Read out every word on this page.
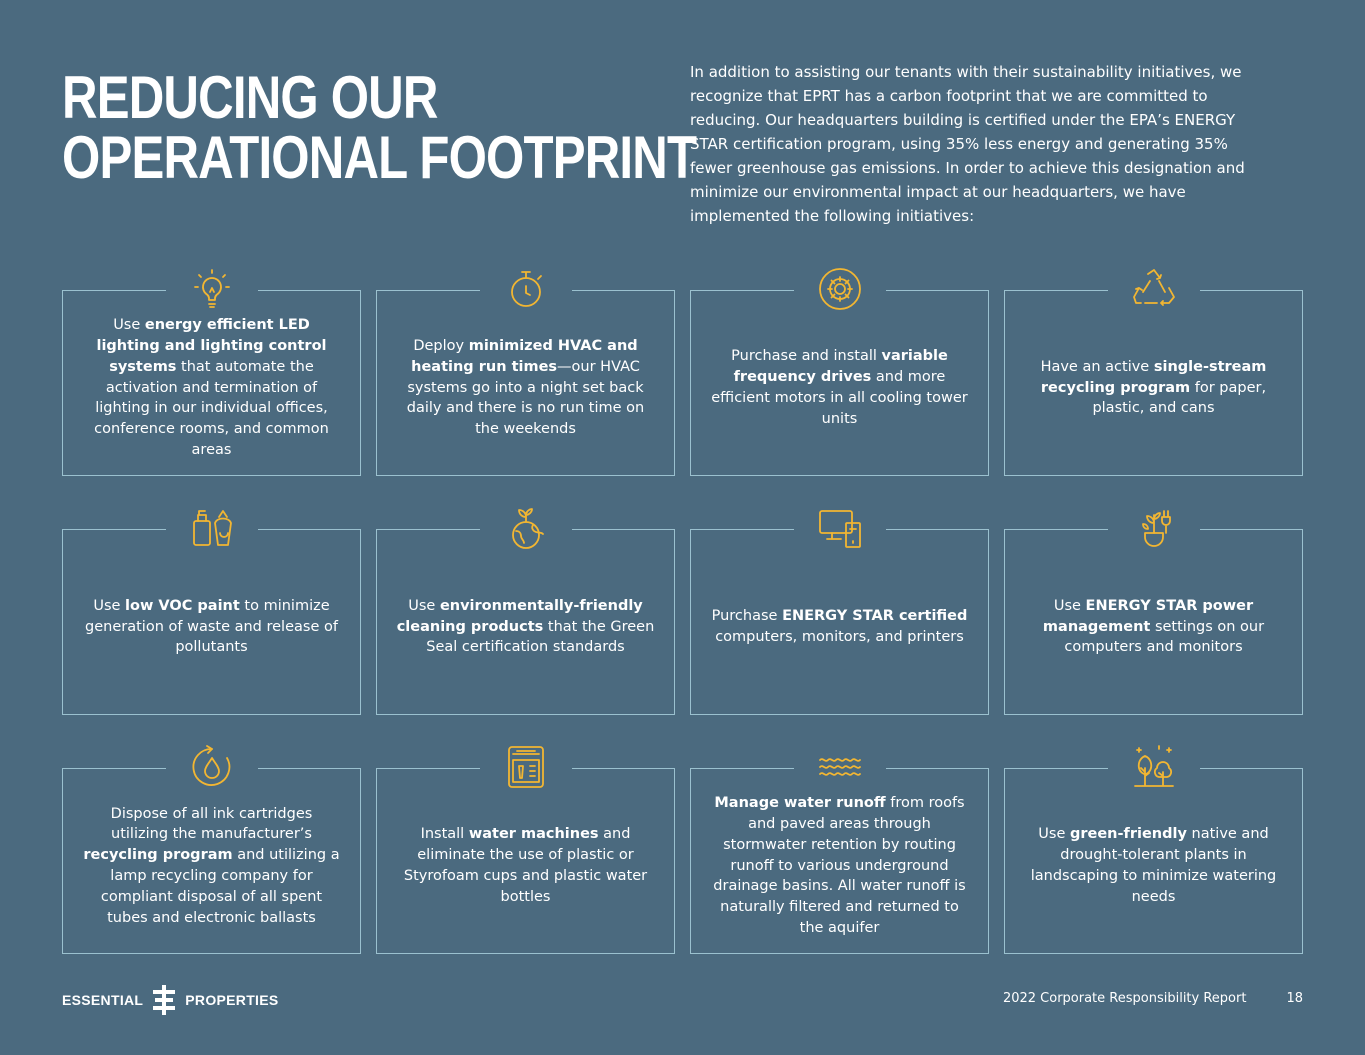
REDUCING OUR
OPERATIONAL FOOTPRINT

In addition to assisting our tenants with their sustainability initiatives, we recognize that EPRT has a carbon footprint that we are committed to reducing. Our headquarters building is certified under the EPA’s ENERGY STAR certification program, using 35% less energy and generating 35% fewer greenhouse gas emissions. In order to achieve this designation and minimize our environmental impact at our headquarters, we have implemented the following initiatives:

Use energy efficient LED lighting and lighting control systems that automate the activation and termination of lighting in our individual offices, conference rooms, and common areas

Deploy minimized HVAC and heating run times—our HVAC systems go into a night set back daily and there is no run time on the weekends

Purchase and install variable frequency drives and more efficient motors in all cooling tower units

Have an active single-stream recycling program for paper, plastic, and cans

Use low VOC paint to minimize generation of waste and release of pollutants

Use environmentally-friendly cleaning products that the Green Seal certification standards

Purchase ENERGY STAR certified computers, monitors, and printers

Use ENERGY STAR power management settings on our computers and monitors

Dispose of all ink cartridges utilizing the manufacturer’s recycling program and utilizing a lamp recycling company for compliant disposal of all spent tubes and electronic ballasts

Install water machines and eliminate the use of plastic or Styrofoam cups and plastic water bottles

Manage water runoff from roofs and paved areas through stormwater retention by routing runoff to various underground drainage basins. All water runoff is naturally filtered and returned to the aquifer

Use green-friendly native and drought-tolerant plants in landscaping to minimize watering needs

ESSENTIAL	PROPERTIES	2022 Corporate Responsibility Report	18
